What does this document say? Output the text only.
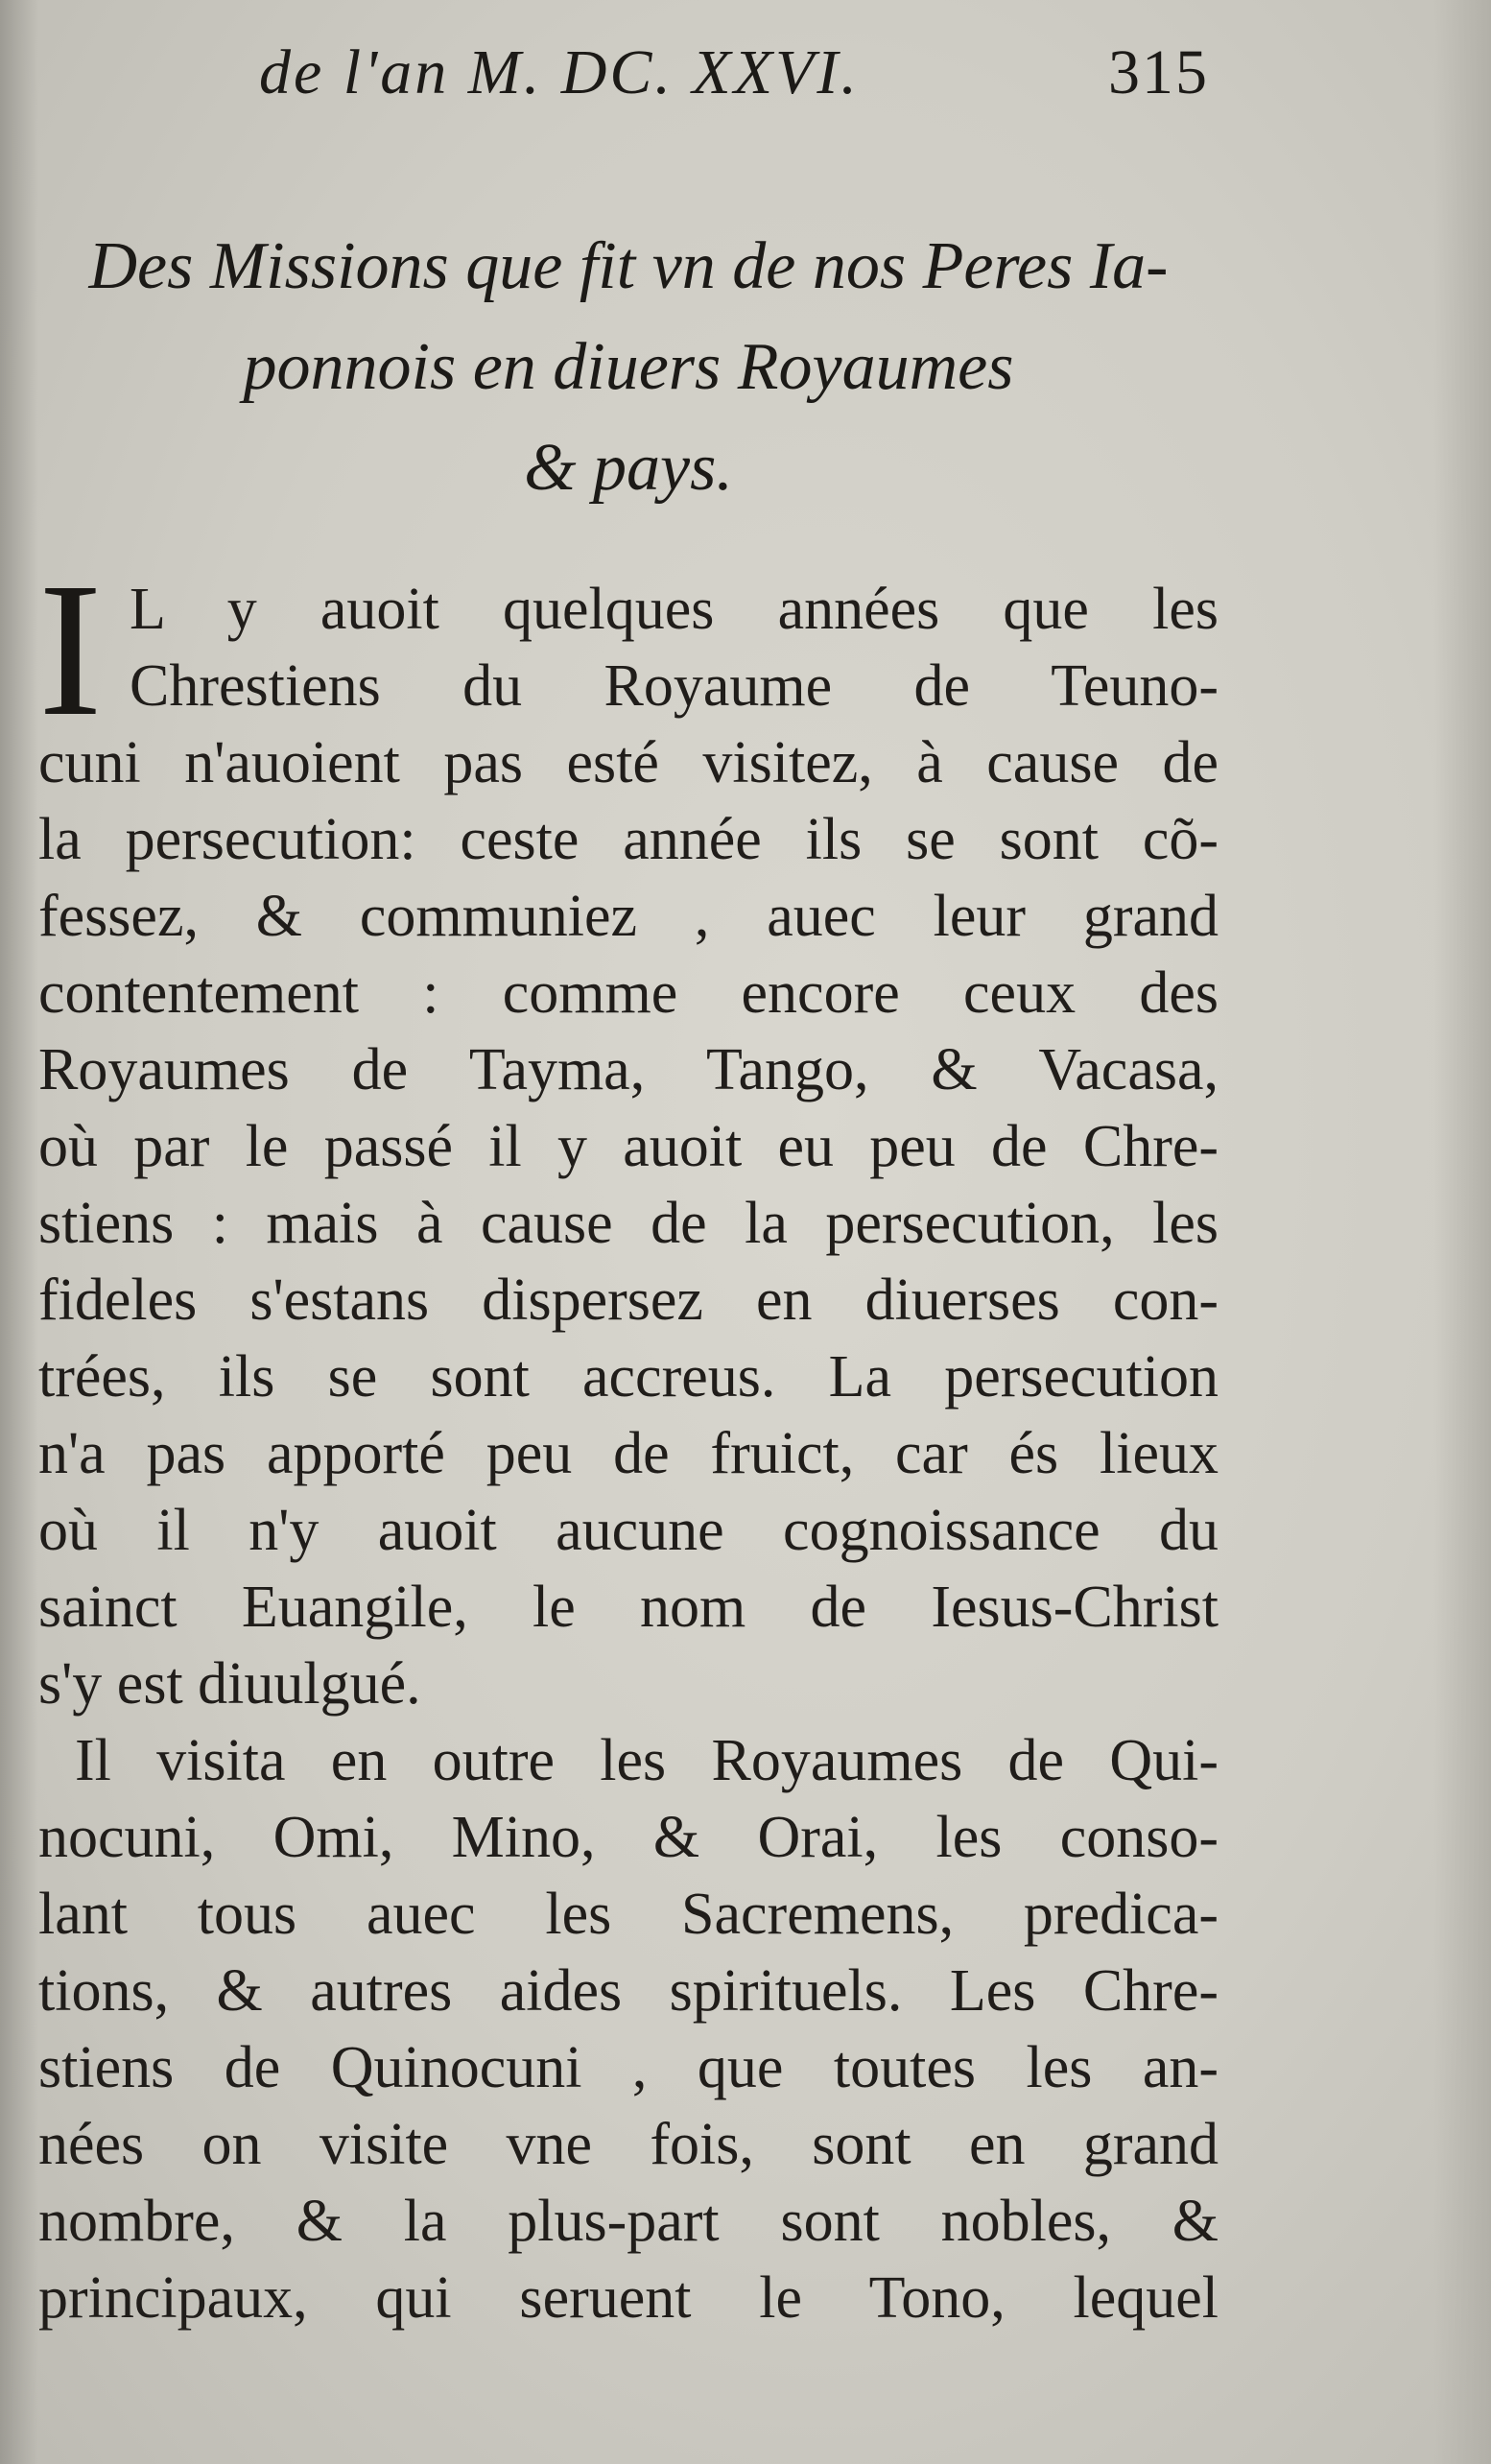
de l'an M. DC. XXVI.	315
Des Missions que fit vn de nos Peres Ia-
ponnois en diuers Royaumes
& pays.
I L y auoit quelques années que les
Chrestiens du Royaume de Teuno-
cuni n'auoient pas esté visitez, à cause de
la persecution: ceste année ils se sont cõ-
fessez, & communiez , auec leur grand
contentement : comme encore ceux des
Royaumes de Tayma, Tango, & Vacasa,
où par le passé il y auoit eu peu de Chre-
stiens : mais à cause de la persecution, les
fideles s'estans dispersez en diuerses con-
trées, ils se sont accreus. La persecution
n'a pas apporté peu de fruict, car és lieux
où il n'y auoit aucune cognoissance du
sainct Euangile, le nom de Iesus-Christ
s'y est diuulgué.
Il visita en outre les Royaumes de Qui-
nocuni, Omi, Mino, & Orai, les conso-
lant tous auec les Sacremens, predica-
tions, & autres aides spirituels. Les Chre-
stiens de Quinocuni , que toutes les an-
nées on visite vne fois, sont en grand
nombre, & la plus-part sont nobles, &
principaux, qui seruent le Tono, lequel
